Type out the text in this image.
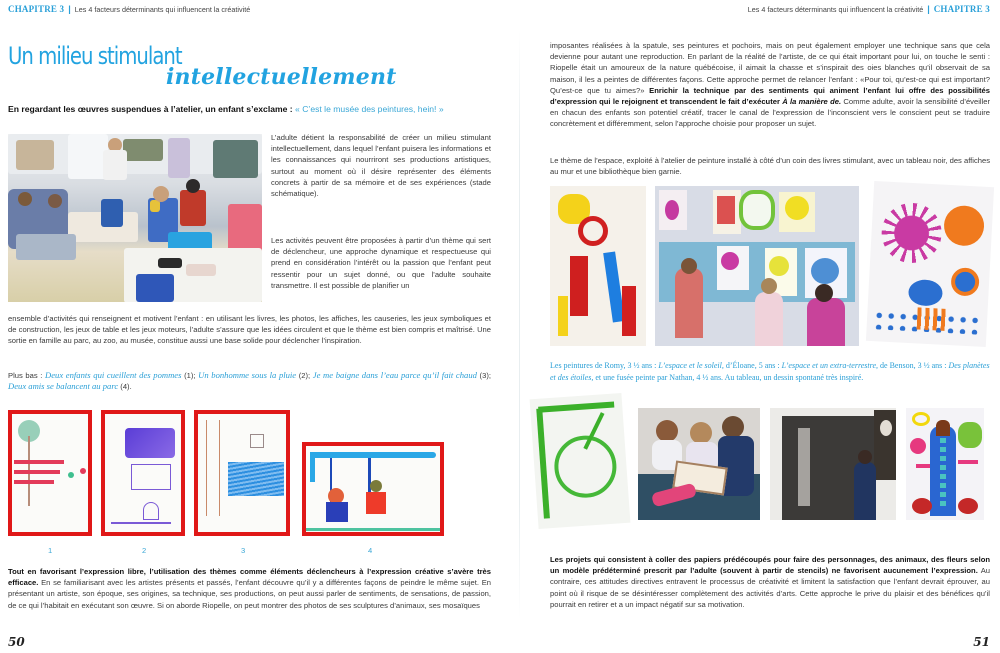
CHAPITRE 3 | Les 4 facteurs déterminants qui influencent la créativité
Un milieu stimulant
intellectuellement
En regardant les œuvres suspendues à l’atelier, un enfant s’exclame : « C’est le musée des peintures, hein! »
L’adulte détient la responsabilité de créer un milieu stimulant intellectuellement, dans lequel l’enfant puisera les informations et les connaissances qui nourriront ses productions artistiques, surtout au moment où il désire représenter des éléments concrets à partir de sa mémoire et de ses expériences (stade schématique).
Les activités peuvent être proposées à partir d’un thème qui sert de déclencheur, une approche dynamique et respectueuse qui prend en considération l’intérêt ou la passion que l’enfant peut ressentir pour un sujet donné, ou que l’adulte souhaite transmettre. Il est possible de planifier un
ensemble d’activités qui renseignent et motivent l’enfant : en utilisant les livres, les photos, les affiches, les causeries, les jeux symboliques et de construction, les jeux de table et les jeux moteurs, l’adulte s’assure que les idées circulent et que le thème est bien compris et maîtrisé. Une sortie en famille au parc, au zoo, au musée, constitue aussi une base solide pour déclencher l’inspiration.
Plus bas : Deux enfants qui cueillent des pommes (1); Un bonhomme sous la pluie (2); Je me baigne dans l’eau parce qu’il fait chaud (3); Deux amis se balancent au parc (4).
1	2	3	4
Tout en favorisant l’expression libre, l’utilisation des thèmes comme éléments déclencheurs à l’expression créative s’avère très efficace. En se familiarisant avec les artistes présents et passés, l’enfant découvre qu’il y a différentes façons de peindre le même sujet. En présentant un artiste, son époque, ses origines, sa technique, ses productions, on peut aussi parler de sentiments, de sensations, de passion, de ce qui l’habitait en exécutant son œuvre. Si on aborde Riopelle, on peut montrer des photos de ses sculptures d’animaux, ses mosaïques
50
Les 4 facteurs déterminants qui influencent la créativité | CHAPITRE 3
imposantes réalisées à la spatule, ses peintures et pochoirs, mais on peut également employer une technique sans que cela devienne pour autant une reproduction. En parlant de la réalité de l’artiste, de ce qui était important pour lui, on touche le senti : Riopelle était un amoureux de la nature québécoise, il aimait la chasse et s’inspirait des oies blanches qu’il observait de sa maison, il les a peintes de différentes façons. Cette approche permet de relancer l’enfant : «Pour toi, qu’est-ce qui est important? Qu’est-ce que tu aimes?» Enrichir la technique par des sentiments qui animent l’enfant lui offre des possibilités d’expression qui le rejoignent et transcendent le fait d’exécuter À la manière de. Comme adulte, avoir la sensibilité d’éveiller en chacun des enfants son potentiel créatif, tracer le canal de l’expression de l’inconscient vers le conscient peut se traduire concrètement et différemment, selon l’approche choisie pour proposer un sujet.
Le thème de l’espace, exploité à l’atelier de peinture installé à côté d’un coin des livres stimulant, avec un tableau noir, des affiches au mur et une bibliothèque bien garnie.
Les peintures de Romy, 3 ½ ans : L’espace et le soleil, d’Éloane, 5 ans : L’espace et un extra-terrestre, de Benson, 3 ½ ans : Des planètes et des étoiles, et une fusée peinte par Nathan, 4 ½ ans. Au tableau, un dessin spontané très inspiré.
Les projets qui consistent à coller des papiers prédécoupés pour faire des personnages, des animaux, des fleurs selon un modèle prédéterminé prescrit par l’adulte (souvent à partir de stencils) ne favorisent aucunement l’expression. Au contraire, ces attitudes directives entravent le processus de créativité et limitent la satisfaction que l’enfant devrait éprouver, au point où il risque de se désintéresser complètement des activités d’arts. Cette approche le prive du plaisir et des bénéfices qu’il pourrait en retirer et a un impact négatif sur sa motivation.
51
